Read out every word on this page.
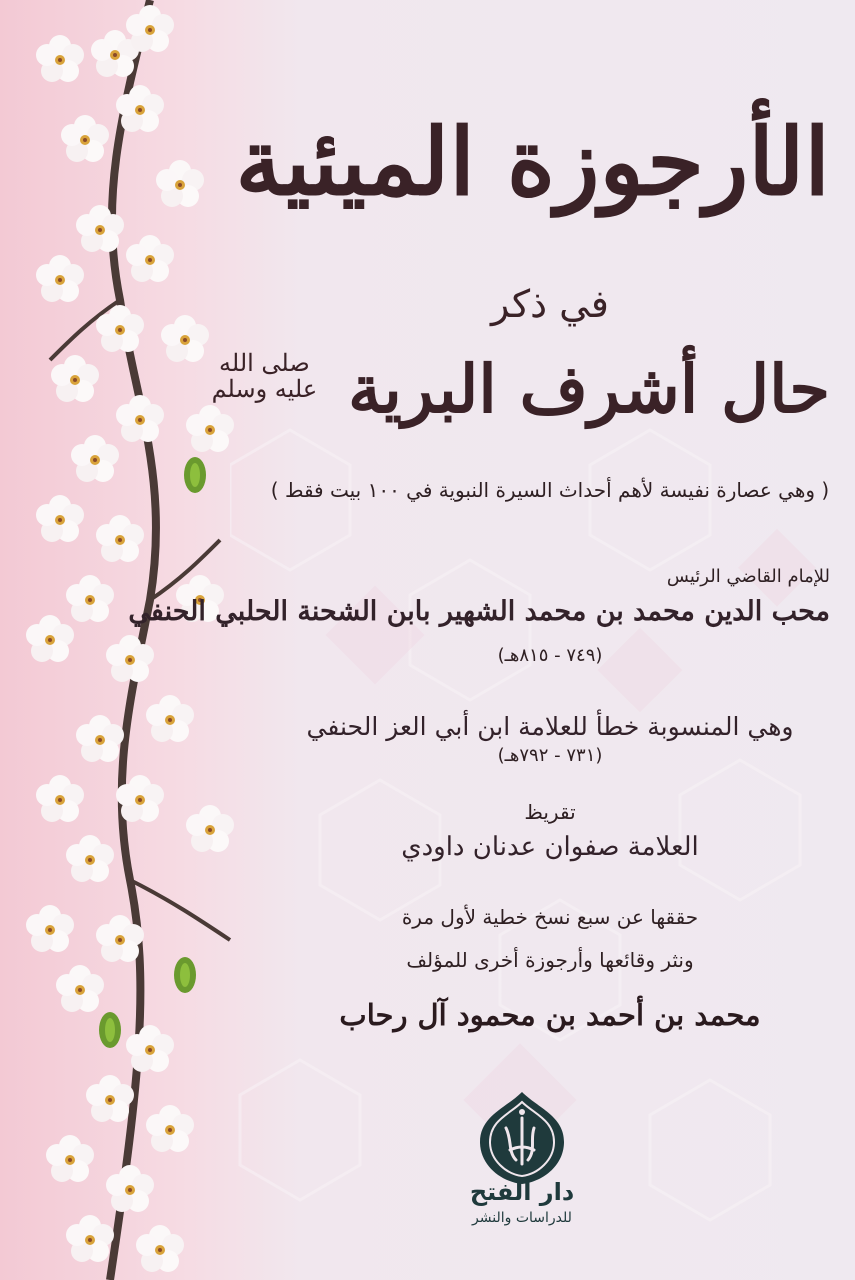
الأرجوزة الميئية

في ذكر

حال أشرف البرية صلى الله
عليه وسلم

( وهي عصارة نفيسة لأهم أحداث السيرة النبوية في ١٠٠ بيت فقط )

للإمام القاضي الرئيس

محب الدين محمد بن محمد الشهير بابن الشحنة الحلبي الحنفي

(٧٤٩ - ٨١٥هـ)

وهي المنسوبة خطأ للعلامة ابن أبي العز الحنفي

(٧٣١ - ٧٩٢هـ)

تقريظ

العلامة صفوان عدنان داودي

حققها عن سبع نسخ خطية لأول مرة

ونثر وقائعها وأرجوزة أخرى للمؤلف

محمد بن أحمد بن محمود آل رحاب

دار الفتح
للدراسات والنشر
